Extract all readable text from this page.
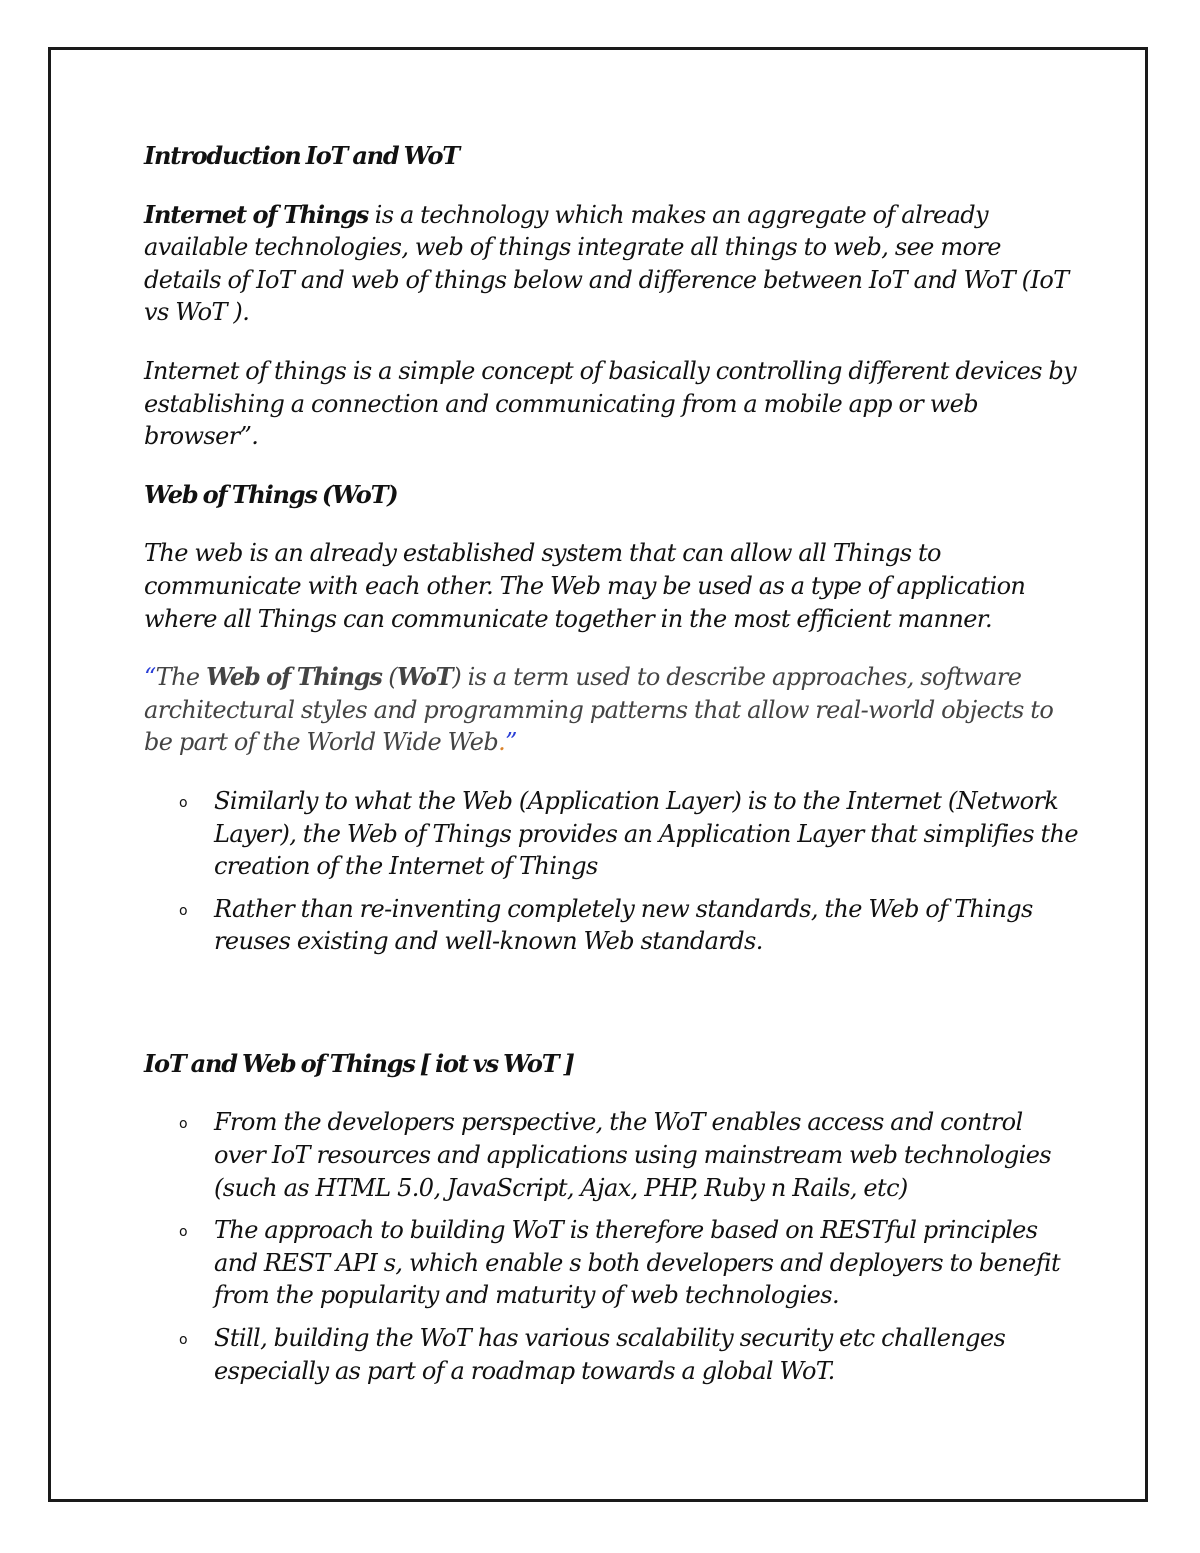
Introduction IoT and WoT

Internet of Things is a technology which makes an aggregate of already available technologies, web of things integrate all things to web, see more details of IoT and web of things below and difference between IoT and WoT (IoT vs WoT ).

Internet of things is a simple concept of basically controlling different devices by establishing a connection and communicating from a mobile app or web browser”.

Web of Things (WoT)

The web is an already established system that can allow all Things to communicate with each other. The Web may be used as a type of application where all Things can communicate together in the most efficient manner.

“The Web of Things (WoT) is a term used to describe approaches, software architectural styles and programming patterns that allow real-world objects to be part of the World Wide Web.”

o Similarly to what the Web (Application Layer) is to the Internet (Network Layer), the Web of Things provides an Application Layer that simplifies the creation of the Internet of Things
o Rather than re-inventing completely new standards, the Web of Things reuses existing and well-known Web standards.

IoT and Web of Things [ iot vs WoT ]

o From the developers perspective, the WoT enables access and control over IoT resources and applications using mainstream web technologies (such as HTML 5.0, JavaScript, Ajax, PHP, Ruby n Rails, etc)
o The approach to building WoT is therefore based on RESTful principles and REST API s, which enable s both developers and deployers to benefit from the popularity and maturity of web technologies.
o Still, building the WoT has various scalability security etc challenges especially as part of a roadmap towards a global WoT.
